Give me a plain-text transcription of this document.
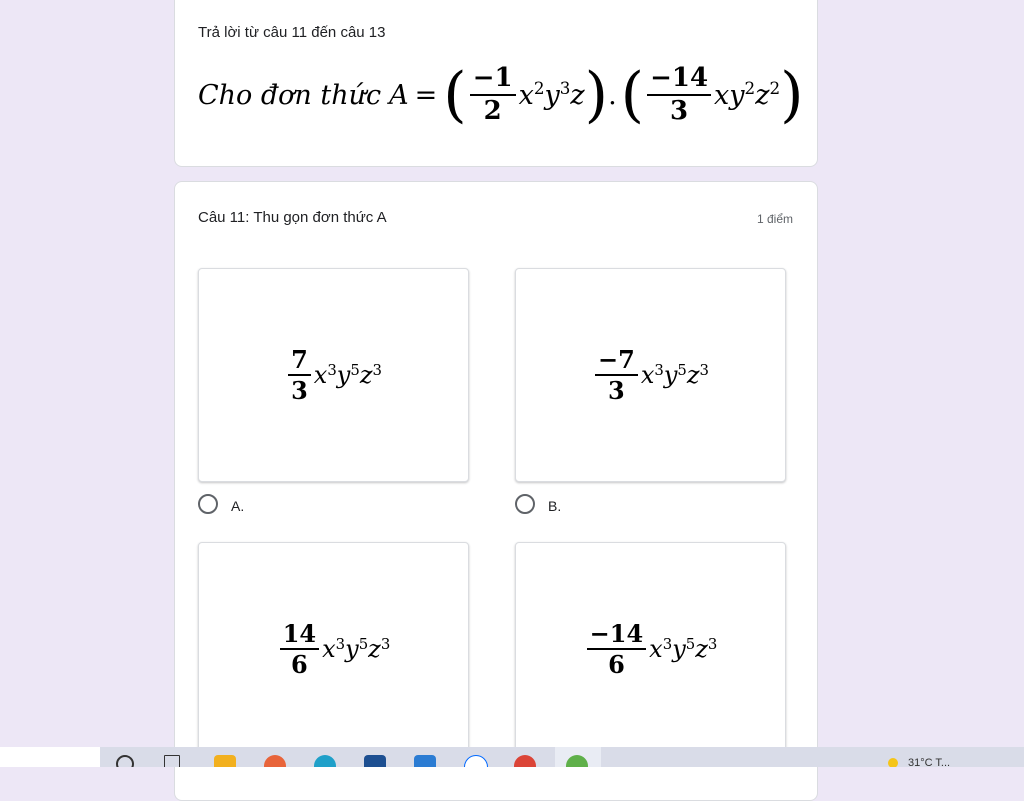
Trả lời từ câu 11 đến câu 13
Cho đơn thức A = ( $\frac{-1}{2} x^2y^3z$ ) . ( $\frac{-14}{3} xy^2z^2$ )
Câu 11: Thu gọn đơn thức A	1 điểm
$\frac{7}{3} x^3y^5z^3$
A.
$\frac{-7}{3} x^3y^5z^3$
B.
$\frac{14}{6} x^3y^5z^3$	$\frac{-14}{6} x^3y^5z^3$
31°C T...
